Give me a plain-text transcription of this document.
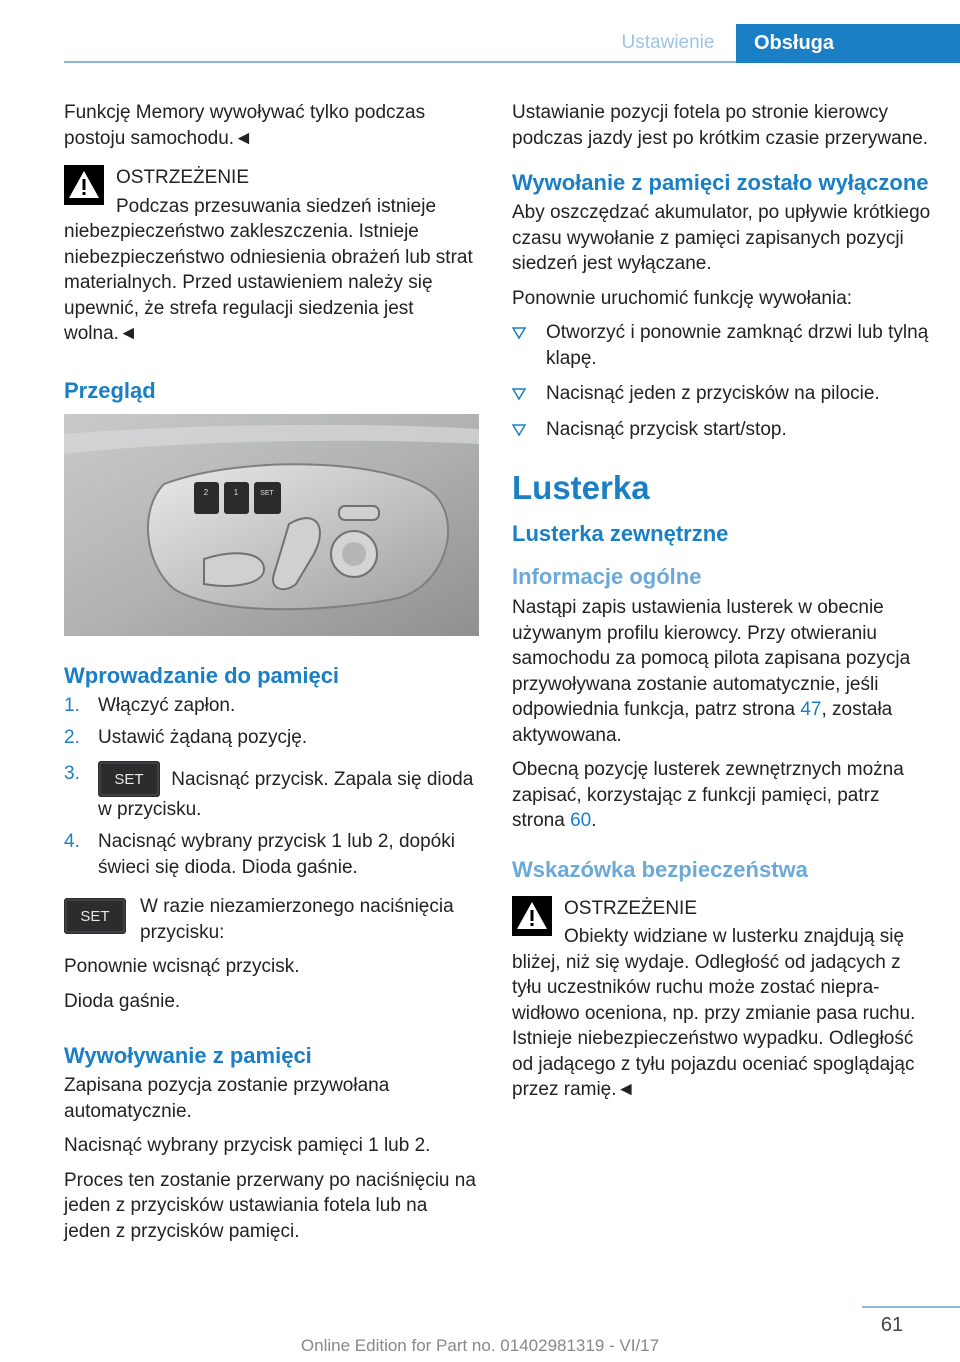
Ustawienie	Obsługa

Funkcję Memory wywoływać tylko podczas postoju samochodu.◄

OSTRZEŻENIE

Podczas przesuwania siedzeń istnieje

niebezpieczeństwo zakleszczenia. Istnieje niebezpieczeństwo odniesienia obrażeń lub strat materialnych. Przed ustawieniem należy się upewnić, że strefa regulacji siedzenia jest wolna.◄

Przegląd
2	1	SET
Wprowadzanie do pamięci
1. Włączyć zapłon.
2. Ustawić żądaną pozycję.
3. SET Nacisnąć przycisk. Zapala się dioda w przycisku.
4. Nacisnąć wybrany przycisk 1 lub 2, dopóki świeci się dioda. Dioda gaśnie.
SET W razie niezamierzonego naciśnięcia przycisku:

Ponownie wcisnąć przycisk.

Dioda gaśnie.

Wywoływanie z pamięci

Zapisana pozycja zostanie przywołana automatycznie.

Nacisnąć wybrany przycisk pamięci 1 lub 2.

Proces ten zostanie przerwany po naciśnięciu na jeden z przycisków ustawiania fotela lub na jeden z przycisków pamięci.

Ustawianie pozycji fotela po stronie kierowcy podczas jazdy jest po krótkim czasie przerywane.

Wywołanie z pamięci zostało wyłączone

Aby oszczędzać akumulator, po upływie krótkiego czasu wywołanie z pamięci zapisanych pozycji siedzeń jest wyłączane.

Ponownie uruchomić funkcję wywołania:

Otworzyć i ponownie zamknąć drzwi lub tylną klapę.
Nacisnąć jeden z przycisków na pilocie.
Nacisnąć przycisk start/stop.
Lusterka
Lusterka zewnętrzne
Informacje ogólne

Nastąpi zapis ustawienia lusterek w obecnie używanym profilu kierowcy. Przy otwieraniu samochodu za pomocą pilota zapisana pozycja przywoływana zostanie automatycznie, jeśli odpowiednia funkcja, patrz strona 47, została aktywowana.

Obecną pozycję lusterek zewnętrznych można zapisać, korzystając z funkcji pamięci, patrz strona 60.

Wskazówka bezpieczeństwa

OSTRZEŻENIE

Obiekty widziane w lusterku znajdują się

bliżej, niż się wydaje. Odległość od jadących z tyłu uczestników ruchu może zostać nieprawidłowo oceniona, np. przy zmianie pasa ruchu. Istnieje niebezpieczeństwo wypadku. Odległość od jadącego z tyłu pojazdu oceniać spoglądając przez ramię.◄

61
Online Edition for Part no. 01402981319 - VI/17
